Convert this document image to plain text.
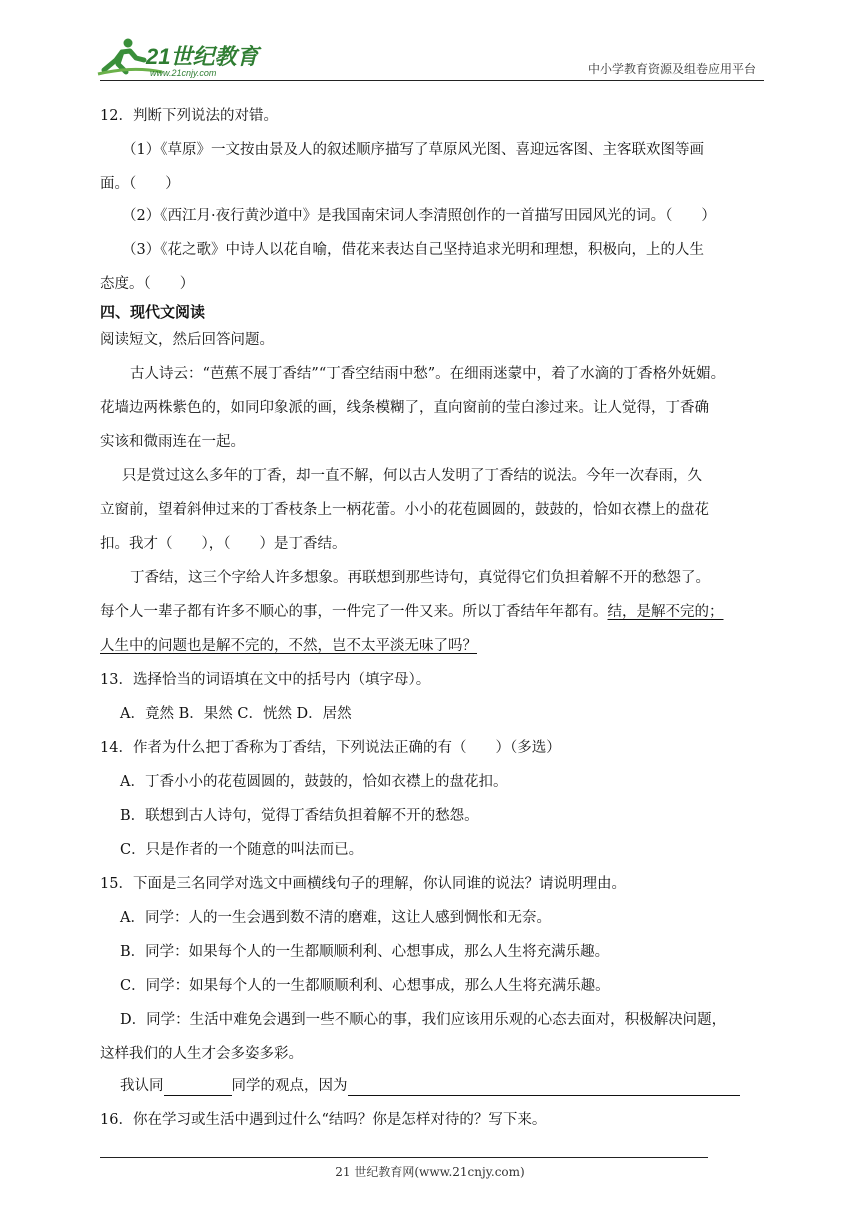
21世纪教育
www.21cnjy.com	中小学教育资源及组卷应用平台
12．判断下列说法的对错。
（1）《草原》一文按由景及人的叙述顺序描写了草原风光图、喜迎远客图、主客联欢图等画
面。（　　）
（2）《西江月·夜行黄沙道中》是我国南宋词人李清照创作的一首描写田园风光的词。（　　）
（3）《花之歌》中诗人以花自喻，借花来表达自己坚持追求光明和理想，积极向，上的人生
态度。（　　）
四、现代文阅读
阅读短文，然后回答问题。
古人诗云：“芭蕉不展丁香结”“丁香空结雨中愁”。在细雨迷蒙中，着了水滴的丁香格外妩媚。
花墙边两株紫色的，如同印象派的画，线条模糊了，直向窗前的莹白渗过来。让人觉得，丁香确
实该和微雨连在一起。
只是赏过这么多年的丁香，却一直不解，何以古人发明了丁香结的说法。今年一次春雨，久
立窗前，望着斜伸过来的丁香枝条上一柄花蕾。小小的花苞圆圆的，鼓鼓的，恰如衣襟上的盘花
扣。我才（　　），（　　）是丁香结。
丁香结，这三个字给人许多想象。再联想到那些诗句，真觉得它们负担着解不开的愁怨了。
每个人一辈子都有许多不顺心的事，一件完了一件又来。所以丁香结年年都有。结，是解不完的；
人生中的问题也是解不完的，不然，岂不太平淡无味了吗？
13．选择恰当的词语填在文中的括号内（填字母）。
A．竟然 B．果然 C．恍然 D．居然
14．作者为什么把丁香称为丁香结，下列说法正确的有（　　）（多选）
A．丁香小小的花苞圆圆的，鼓鼓的，恰如衣襟上的盘花扣。
B．联想到古人诗句，觉得丁香结负担着解不开的愁怨。
C．只是作者的一个随意的叫法而已。
15．下面是三名同学对选文中画横线句子的理解，你认同谁的说法？请说明理由。
A．同学：人的一生会遇到数不清的磨难，这让人感到惆怅和无奈。
B．同学：如果每个人的一生都顺顺利利、心想事成，那么人生将充满乐趣。
C．同学：如果每个人的一生都顺顺利利、心想事成，那么人生将充满乐趣。
D．同学：生活中难免会遇到一些不顺心的事，我们应该用乐观的心态去面对，积极解决问题，
这样我们的人生才会多姿多彩。
我认同	同学的观点，因为
16．你在学习或生活中遇到过什么“结吗？你是怎样对待的？写下来。
21 世纪教育网(www.21cnjy.com)
